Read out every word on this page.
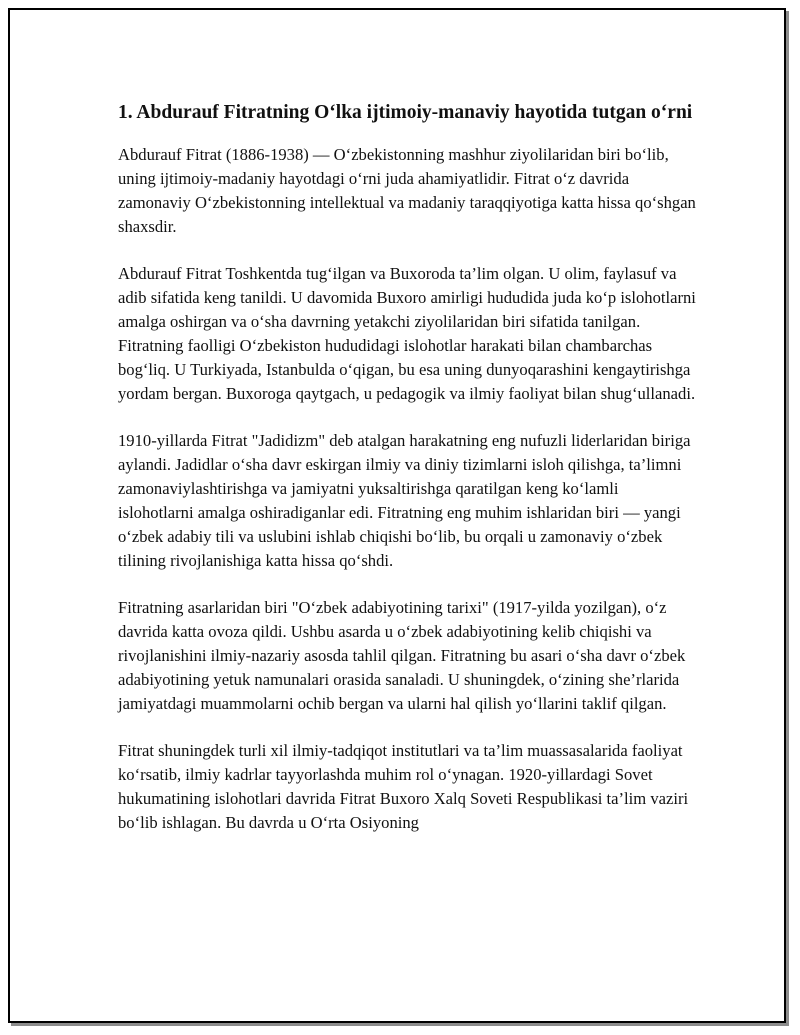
1. Abdurauf Fitratning O‘lka ijtimoiy-manaviy hayotida tutgan o‘rni

Abdurauf Fitrat (1886-1938) — O‘zbekistonning mashhur ziyolilaridan biri bo‘lib, uning ijtimoiy-madaniy hayotdagi o‘rni juda ahamiyatlidir. Fitrat o‘z davrida zamonaviy O‘zbekistonning intellektual va madaniy taraqqiyotiga katta hissa qo‘shgan shaxsdir.

Abdurauf Fitrat Toshkentda tug‘ilgan va Buxoroda ta’lim olgan. U olim, faylasuf va adib sifatida keng tanildi. U davomida Buxoro amirligi hududida juda ko‘p islohotlarni amalga oshirgan va o‘sha davrning yetakchi ziyolilaridan biri sifatida tanilgan. Fitratning faolligi O‘zbekiston hududidagi islohotlar harakati bilan chambarchas bog‘liq. U Turkiyada, Istanbulda o‘qigan, bu esa uning dunyoqarashini kengaytirishga yordam bergan. Buxoroga qaytgach, u pedagogik va ilmiy faoliyat bilan shug‘ullanadi.

1910-yillarda Fitrat "Jadidizm" deb atalgan harakatning eng nufuzli liderlaridan biriga aylandi. Jadidlar o‘sha davr eskirgan ilmiy va diniy tizimlarni isloh qilishga, ta’limni zamonaviylashtirishga va jamiyatni yuksaltirishga qaratilgan keng ko‘lamli islohotlarni amalga oshiradiganlar edi. Fitratning eng muhim ishlaridan biri — yangi o‘zbek adabiy tili va uslubini ishlab chiqishi bo‘lib, bu orqali u zamonaviy o‘zbek tilining rivojlanishiga katta hissa qo‘shdi.

Fitratning asarlaridan biri "O‘zbek adabiyotining tarixi" (1917-yilda yozilgan), o‘z davrida katta ovoza qildi. Ushbu asarda u o‘zbek adabiyotining kelib chiqishi va rivojlanishini ilmiy-nazariy asosda tahlil qilgan. Fitratning bu asari o‘sha davr o‘zbek adabiyotining yetuk namunalari orasida sanaladi. U shuningdek, o‘zining she’rlarida jamiyatdagi muammolarni ochib bergan va ularni hal qilish yo‘llarini taklif qilgan.

Fitrat shuningdek turli xil ilmiy-tadqiqot institutlari va ta’lim muassasalarida faoliyat ko‘rsatib, ilmiy kadrlar tayyorlashda muhim rol o‘ynagan. 1920-yillardagi Sovet hukumatining islohotlari davrida Fitrat Buxoro Xalq Soveti Respublikasi ta’lim vaziri bo‘lib ishlagan. Bu davrda u O‘rta Osiyoning
